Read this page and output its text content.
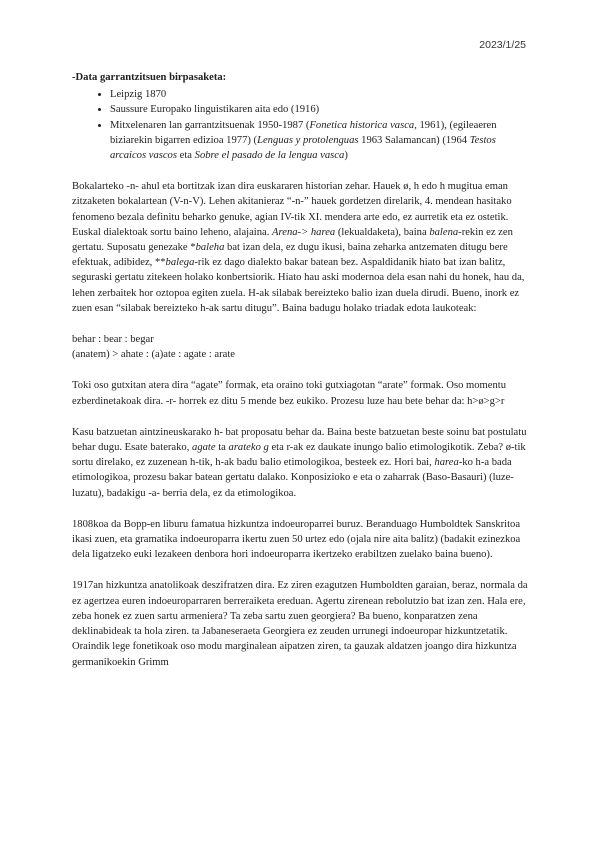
2023/1/25
-Data garrantzitsuen birpasaketa:
• Leipzig 1870
• Saussure Europako linguistikaren aita edo (1916)
• Mitxelenaren lan garrantzitsuenak 1950-1987 (Fonetica historica vasca, 1961), (egileaeren biziarekin bigarren edizioa 1977) (Lenguas y protolenguas 1963 Salamancan) (1964 Testos arcaicos vascos eta Sobre el pasado de la lengua vasca)

Bokalarteko -n- ahul eta bortitzak izan dira euskararen historian zehar. Hauek ø, h edo h mugitua eman zitzaketen bokalartean (V-n-V). Lehen akitanieraz “-n-” hauek gordetzen direlarik, 4. mendean hasitako fenomeno bezala definitu beharko genuke, agian IV-tik XI. mendera arte edo, ez aurretik eta ez ostetik. Euskal dialektoak sortu baino leheno, alajaina. Arena-> harea (lekualdaketa), baina balena-rekin ez zen gertatu. Suposatu genezake *baleha bat izan dela, ez dugu ikusi, baina zeharka antzematen ditugu bere efektuak, adibidez, **balega-rik ez dago dialekto bakar batean bez. Aspaldidanik hiato bat izan balitz, seguraski gertatu zitekeen holako konbertsiorik. Hiato hau aski modernoa dela esan nahi du honek, hau da, lehen zerbaitek hor oztopoa egiten zuela. H-ak silabak bereizteko balio izan duela dirudi. Bueno, inork ez zuen esan “silabak bereizteko h-ak sartu ditugu”. Baina badugu holako triadak edota laukoteak:

behar : bear : begar
(anatem) > ahate : (a)ate : agate : arate

Toki oso gutxitan atera dira “agate” formak, eta oraino toki gutxiagotan “arate” formak. Oso momentu ezberdinetakoak dira. -r- horrek ez ditu 5 mende bez eukiko. Prozesu luze hau bete behar da: h>ø>g>r

Kasu batzuetan aintzineuskarako h- bat proposatu behar da. Baina beste batzuetan beste soinu bat postulatu behar dugu. Esate baterako, agate ta arateko g eta r-ak ez daukate inungo balio etimologikotik. Zeba? ø-tik sortu direlako, ez zuzenean h-tik, h-ak badu balio etimologikoa, besteek ez. Hori bai, harea-ko h-a bada etimologikoa, prozesu bakar batean gertatu dalako. Konposizioko e eta o zaharrak (Baso-Basauri) (luze-luzatu), badakigu -a- berria dela, ez da etimologikoa.

1808koa da Bopp-en liburu famatua hizkuntza indoeuroparrei buruz. Beranduago Humboldtek Sanskritoa ikasi zuen, eta gramatika indoeuroparra ikertu zuen 50 urtez edo (ojala nire aita balitz) (badakit ezinezkoa dela ligatzeko euki lezakeen denbora hori indoeuroparra ikertzeko erabiltzen zuelako baina bueno).

1917an hizkuntza anatolikoak deszifratzen dira. Ez ziren ezagutzen Humboldten garaian, beraz, normala da ez agertzea euren indoeuroparraren berreraiketa ereduan. Agertu zirenean rebolutzio bat izan zen. Hala ere, zeba honek ez zuen sartu armeniera? Ta zeba sartu zuen georgiera? Ba bueno, konparatzen zena deklinabideak ta hola ziren. ta Jabaneseraeta Georgiera ez zeuden urrunegi indoeuropar hizkuntzetatik. Oraindik lege fonetikoak oso modu marginalean aipatzen ziren, ta gauzak aldatzen joango dira hizkuntza germanikoekin Grimm
